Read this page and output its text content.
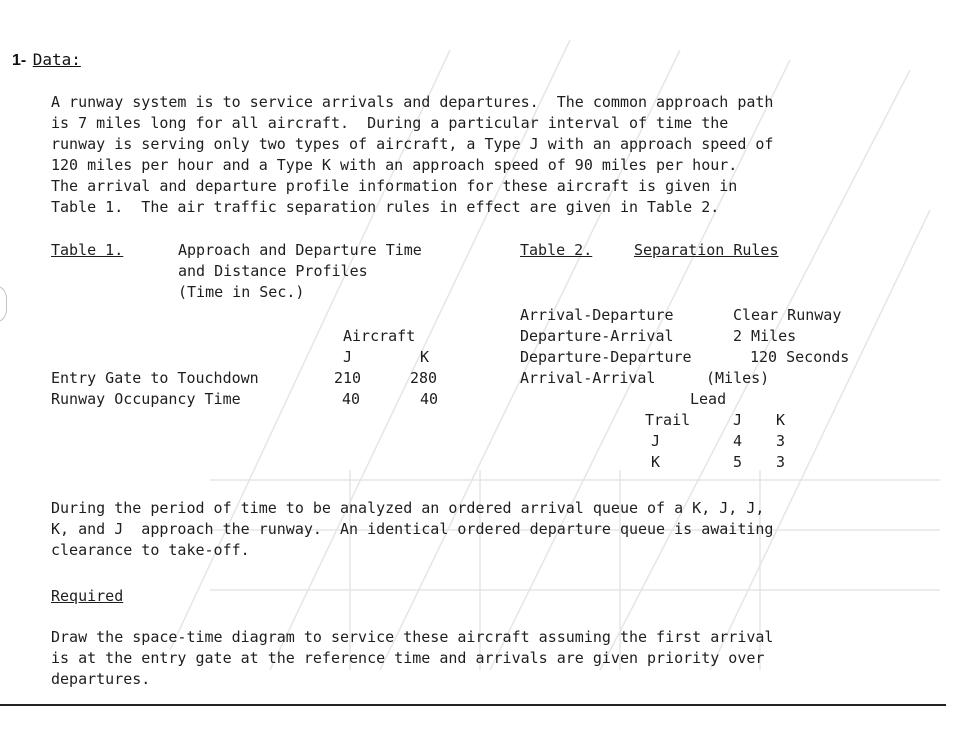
1- Data:
A runway system is to service arrivals and departures.  The common approach path
is 7 miles long for all aircraft.  During a particular interval of time the
runway is serving only two types of aircraft, a Type J with an approach speed of
120 miles per hour and a Type K with an approach speed of 90 miles per hour.
The arrival and departure profile information for these aircraft is given in
Table 1.  The air traffic separation rules in effect are given in Table 2.
Table 1.	Approach and Departure Time
and Distance Profiles
(Time in Sec.)
Aircraft
J	K
Entry Gate to Touchdown	210	280
Runway Occupancy Time	40	40
Table 2.	Separation Rules
Arrival-Departure	Clear Runway
Departure-Arrival	2 Miles
Departure-Departure	120 Seconds
Arrival-Arrival	(Miles)
Lead
Trail	J K
J	4 3
K	5 3
During the period of time to be analyzed an ordered arrival queue of a K, J, J,
K, and J  approach the runway.  An identical ordered departure queue is awaiting
clearance to take-off.
Required
Draw the space-time diagram to service these aircraft assuming the first arrival
is at the entry gate at the reference time and arrivals are given priority over
departures.
